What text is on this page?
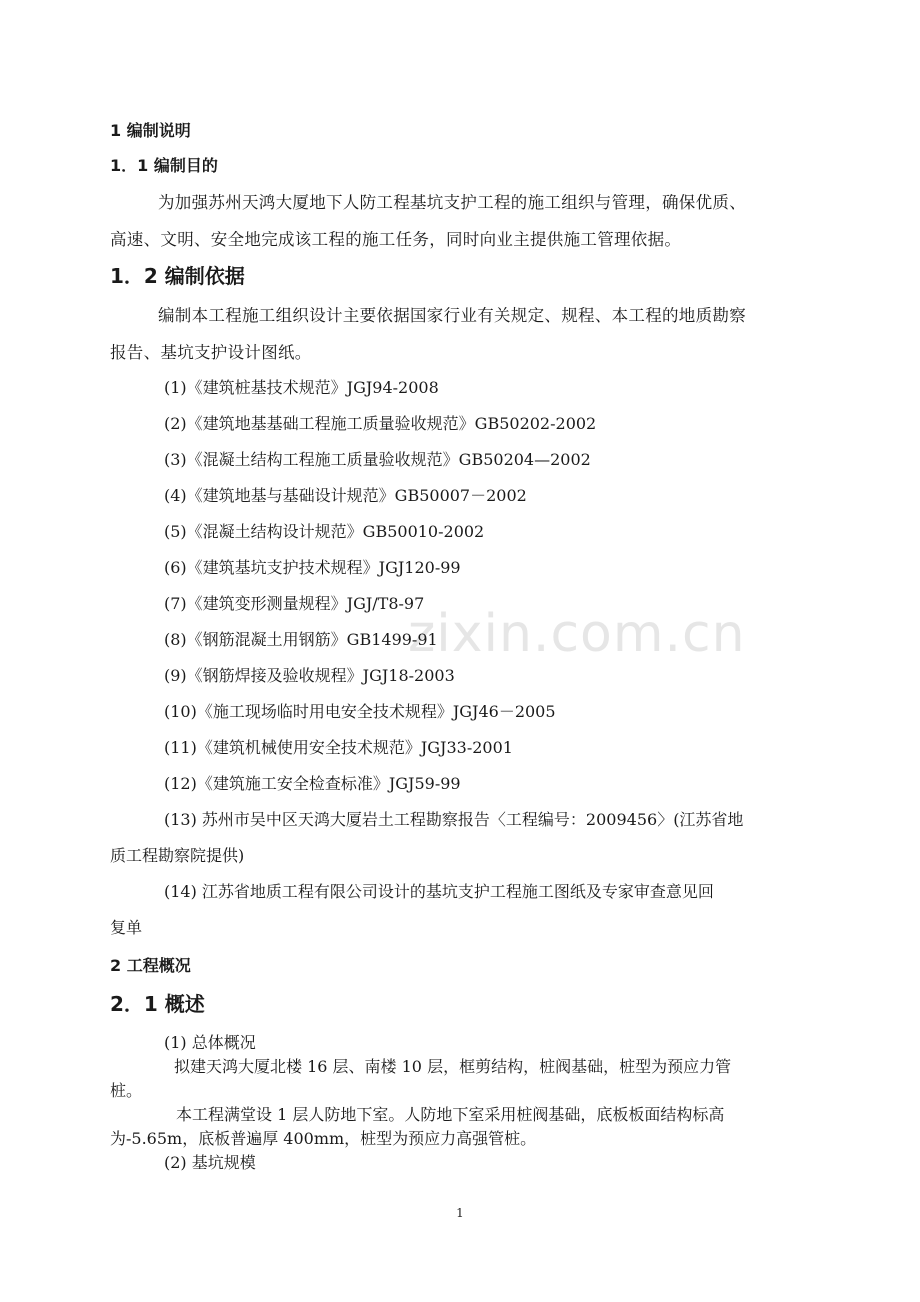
zixin.com.cn
1 编制说明
1．1 编制目的
为加强苏州天鸿大厦地下人防工程基坑支护工程的施工组织与管理，确保优质、
高速、文明、安全地完成该工程的施工任务，同时向业主提供施工管理依据。
1．2 编制依据
编制本工程施工组织设计主要依据国家行业有关规定、规程、本工程的地质勘察
报告、基坑支护设计图纸。
(1)《建筑桩基技术规范》JGJ94-2008
(2)《建筑地基基础工程施工质量验收规范》GB50202-2002
(3)《混凝土结构工程施工质量验收规范》GB50204—2002
(4)《建筑地基与基础设计规范》GB50007－2002
(5)《混凝土结构设计规范》GB50010-2002
(6)《建筑基坑支护技术规程》JGJ120-99
(7)《建筑变形测量规程》JGJ/T8-97
(8)《钢筋混凝土用钢筋》GB1499-91
(9)《钢筋焊接及验收规程》JGJ18-2003
(10)《施工现场临时用电安全技术规程》JGJ46－2005
(11)《建筑机械使用安全技术规范》JGJ33-2001
(12)《建筑施工安全检查标准》JGJ59-99
(13) 苏州市吴中区天鸿大厦岩土工程勘察报告〈工程编号：2009456〉(江苏省地
质工程勘察院提供)
(14) 江苏省地质工程有限公司设计的基坑支护工程施工图纸及专家审查意见回
复单
2 工程概况
2．1 概述
(1) 总体概况
拟建天鸿大厦北楼 16 层、南楼 10 层，框剪结构，桩阀基础，桩型为预应力管
桩。
本工程满堂设 1 层人防地下室。人防地下室采用桩阀基础，底板板面结构标高
为-5.65m，底板普遍厚 400mm，桩型为预应力高强管桩。
(2) 基坑规模
1
